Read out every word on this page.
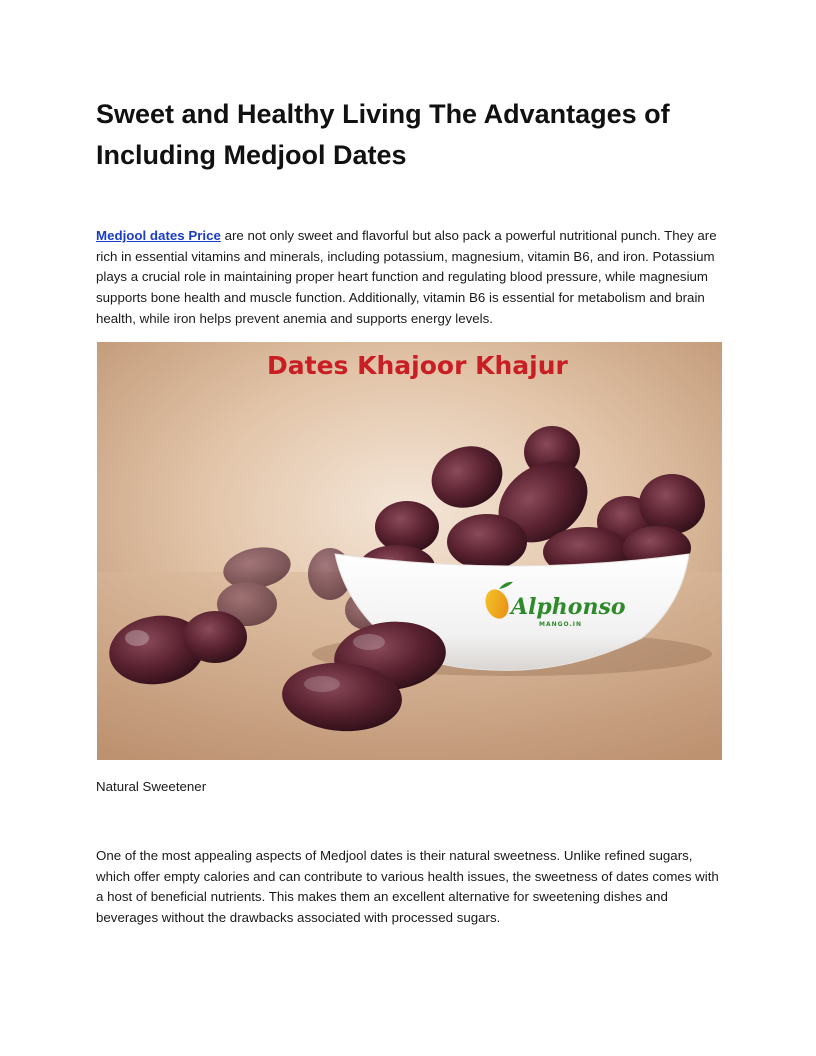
Sweet and Healthy Living The Advantages of Including Medjool Dates

Medjool dates Price are not only sweet and flavorful but also pack a powerful nutritional punch. They are rich in essential vitamins and minerals, including potassium, magnesium, vitamin B6, and iron. Potassium plays a crucial role in maintaining proper heart function and regulating blood pressure, while magnesium supports bone health and muscle function. Additionally, vitamin B6 is essential for metabolism and brain health, while iron helps prevent anemia and supports energy levels.

Dates Khajoor Khajur
Alphonso
MANGO.IN

Natural Sweetener

One of the most appealing aspects of Medjool dates is their natural sweetness. Unlike refined sugars, which offer empty calories and can contribute to various health issues, the sweetness of dates comes with a host of beneficial nutrients. This makes them an excellent alternative for sweetening dishes and beverages without the drawbacks associated with processed sugars.
